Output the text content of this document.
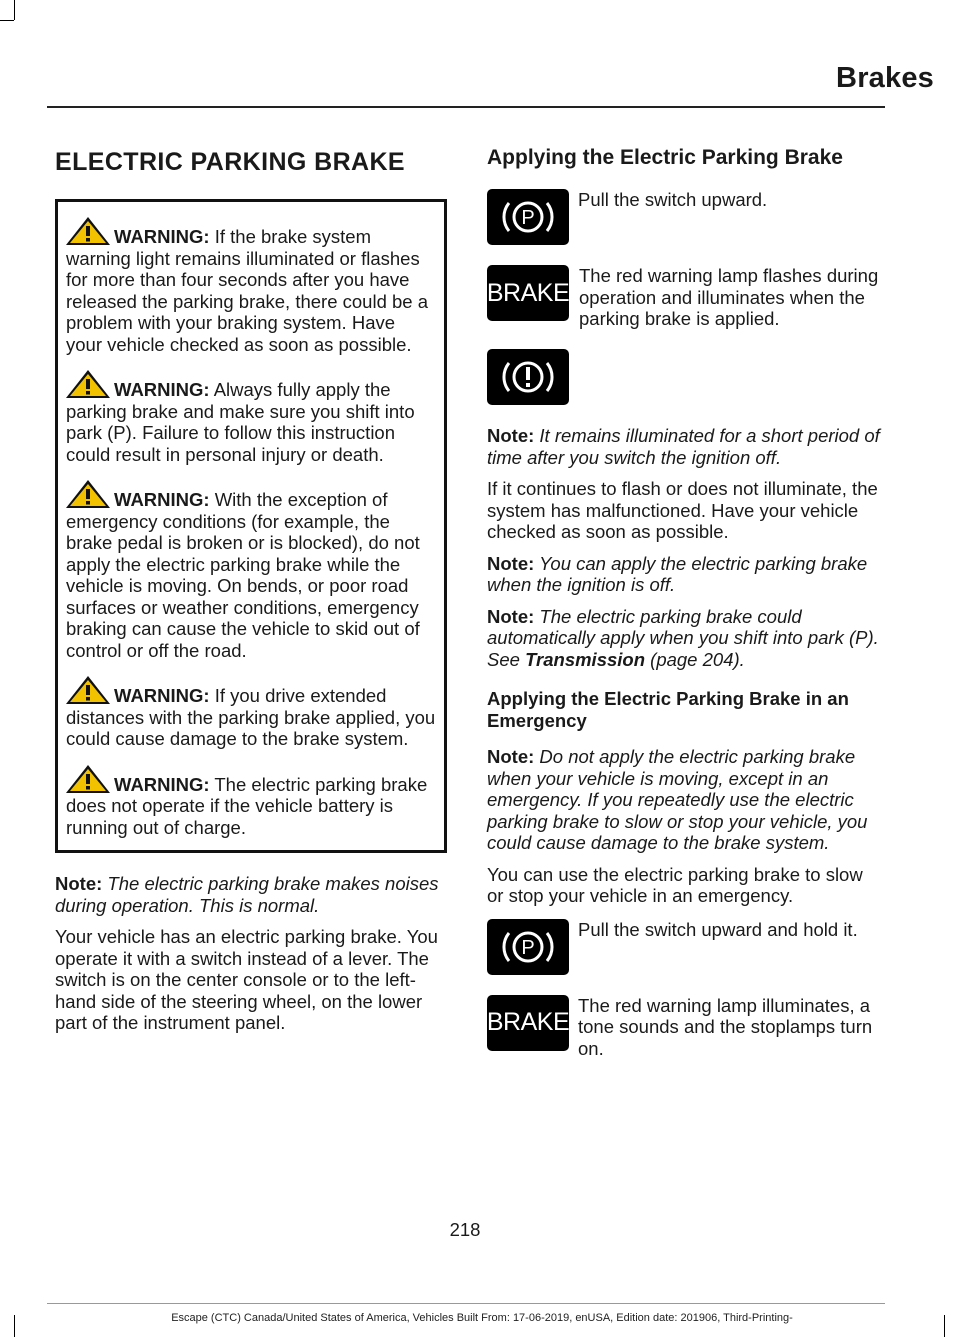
Brakes
ELECTRIC PARKING BRAKE
WARNING: If the brake system warning light remains illuminated or flashes for more than four seconds after you have released the parking brake, there could be a problem with your braking system. Have your vehicle checked as soon as possible.
WARNING: Always fully apply the parking brake and make sure you shift into park (P). Failure to follow this instruction could result in personal injury or death.
WARNING: With the exception of emergency conditions (for example, the brake pedal is broken or is blocked), do not apply the electric parking brake while the vehicle is moving. On bends, or poor road surfaces or weather conditions, emergency braking can cause the vehicle to skid out of control or off the road.
WARNING: If you drive extended distances with the parking brake applied, you could cause damage to the brake system.
WARNING: The electric parking brake does not operate if the vehicle battery is running out of charge.

Note: The electric parking brake makes noises during operation. This is normal.

Your vehicle has an electric parking brake. You operate it with a switch instead of a lever. The switch is on the center console or to the left-hand side of the steering wheel, on the lower part of the instrument panel.

Applying the Electric Parking Brake
P
Pull the switch upward.
BRAKE
The red warning lamp flashes during operation and illuminates when the parking brake is applied.

Note: It remains illuminated for a short period of time after you switch the ignition off.

If it continues to flash or does not illuminate, the system has malfunctioned. Have your vehicle checked as soon as possible.

Note: You can apply the electric parking brake when the ignition is off.

Note: The electric parking brake could automatically apply when you shift into park (P). See Transmission (page 204).

Applying the Electric Parking Brake in an Emergency

Note: Do not apply the electric parking brake when your vehicle is moving, except in an emergency. If you repeatedly use the electric parking brake to slow or stop your vehicle, you could cause damage to the brake system.

You can use the electric parking brake to slow or stop your vehicle in an emergency.

P
Pull the switch upward and hold it.
BRAKE
The red warning lamp illuminates, a tone sounds and the stoplamps turn on.
218
Escape (CTC) Canada/United States of America, Vehicles Built From: 17-06-2019, enUSA, Edition date: 201906, Third-Printing-
